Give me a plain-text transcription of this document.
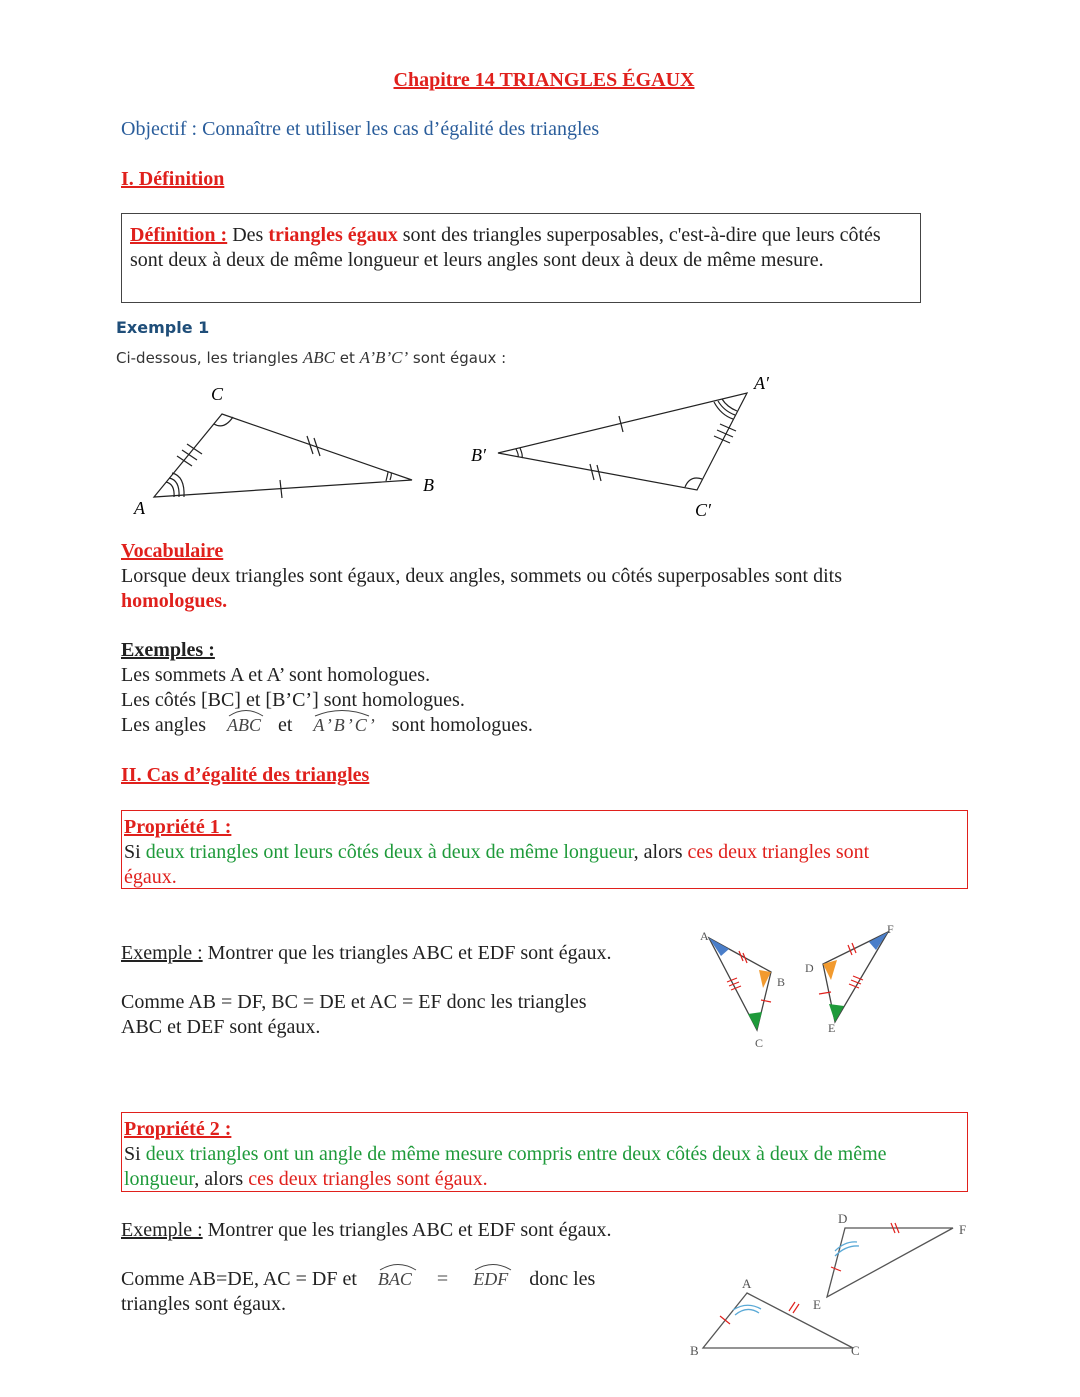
Chapitre 14 TRIANGLES ÉGAUX
Objectif : Connaître et utiliser les cas d’égalité des triangles
I. Définition
Définition : Des triangles égaux sont des triangles superposables, c'est-à-dire que leurs côtés sont deux à deux de même longueur et leurs angles sont deux à deux de même mesure.
Exemple 1
Ci-dessous, les triangles ABC et A’B’C’ sont égaux :
A
C
B
B′
A′
C′
Vocabulaire
Lorsque deux triangles sont égaux, deux angles, sommets ou côtés superposables sont dits
homologues.
Exemples :
Les sommets A et A’ sont homologues.
Les côtés [BC] et [B’C’] sont homologues.
Les angles ABC et A’B’C’ sont homologues.
II. Cas d’égalité des triangles
Propriété 1 :
Si deux triangles ont leurs côtés deux à deux de même longueur, alors ces deux triangles sont
égaux.
Exemple : Montrer que les triangles ABC et EDF sont égaux.
Comme AB = DF, BC = DE et AC = EF donc les triangles
ABC et DEF sont égaux.
A
B
C
D
E
F
Propriété 2 :
Si deux triangles ont un angle de même mesure compris entre deux côtés deux à deux de même
longueur, alors ces deux triangles sont égaux.
Exemple : Montrer que les triangles ABC et EDF sont égaux.
Comme AB=DE, AC = DF et BAC = EDF donc les
triangles sont égaux.
D
F
E
A
B	C
